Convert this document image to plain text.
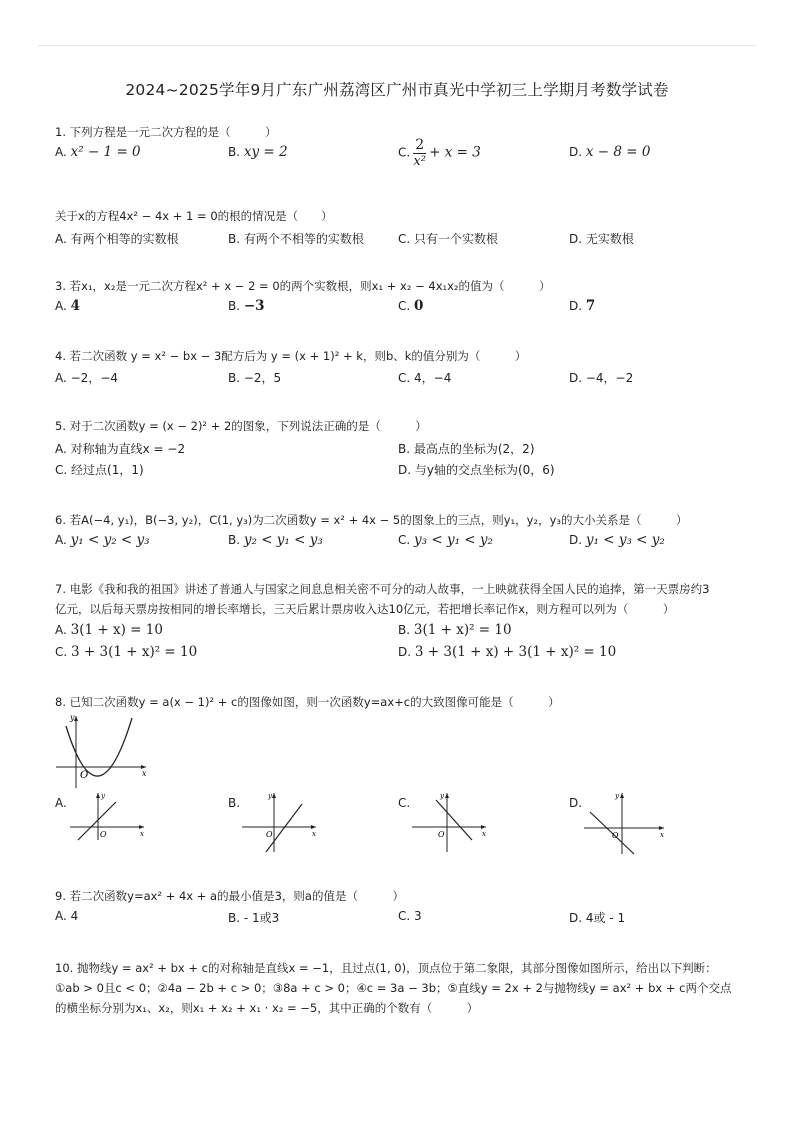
2024~2025学年9月广东广州荔湾区广州市真光中学初三上学期月考数学试卷
1. 下列方程是一元二次方程的是（　　　）
A. x² − 1 = 0	B. xy = 2	C. $\frac{2}{\text{x²}} + x = 3$	D. x − 8 = 0
关于x的方程4x² − 4x + 1 = 0的根的情况是（　　）
A. 有两个相等的实数根	B. 有两个不相等的实数根	C. 只有一个实数根	D. 无实数根
3. 若x₁，x₂是一元二次方程x² + x − 2 = 0的两个实数根，则x₁ + x₂ − 4x₁x₂的值为（　　　）
A. 4	B. −3	C. 0	D. 7
4. 若二次函数 y = x² − bx − 3配方后为 y = (x + 1)² + k，则b、k的值分别为（　　　）
A. −2，−4	B. −2，5	C. 4，−4	D. −4，−2
5. 对于二次函数y = (x − 2)² + 2的图象，下列说法正确的是（　　　）
A. 对称轴为直线x = −2	B. 最高点的坐标为(2，2)
C. 经过点(1，1)	D. 与y轴的交点坐标为(0，6)
6. 若A(−4, y₁)，B(−3, y₂)，C(1, y₃)为二次函数y = x² + 4x − 5的图象上的三点，则y₁，y₂，y₃的大小关系是（　　　）
A. y₁ < y₂ < y₃	B. y₂ < y₁ < y₃	C. y₃ < y₁ < y₂	D. y₁ < y₃ < y₂
7. 电影《我和我的祖国》讲述了普通人与国家之间息息相关密不可分的动人故事，一上映就获得全国人民的追捧，第一天票房约3
亿元，以后每天票房按相同的增长率增长，三天后累计票房收入达10亿元，若把增长率记作x，则方程可以列为（　　　）
A. 3(1 + x) = 10	B. 3(1 + x)² = 10
C. 3 + 3(1 + x)² = 10	D. 3 + 3(1 + x) + 3(1 + x)² = 10
8. 已知二次函数y = a(x − 1)² + c的图像如图，则一次函数y=ax+c的大致图像可能是（　　　）
O	x
y
A.
O	x
y	B.
O	x
y	C.
O	x
y	D.
O	x
y
9. 若二次函数y=ax² + 4x + a的最小值是3，则a的值是（　　　）
A. 4	B. - 1或3	C. 3	D. 4或 - 1
10. 抛物线y = ax² + bx + c的对称轴是直线x = −1，且过点(1, 0)，顶点位于第二象限，其部分图像如图所示，给出以下判断：
①ab > 0且c < 0；②4a − 2b + c > 0；③8a + c > 0；④c = 3a − 3b；⑤直线y = 2x + 2与抛物线y = ax² + bx + c两个交点
的横坐标分别为x₁、x₂，则x₁ + x₂ + x₁ · x₂ = −5，其中正确的个数有（　　　）
